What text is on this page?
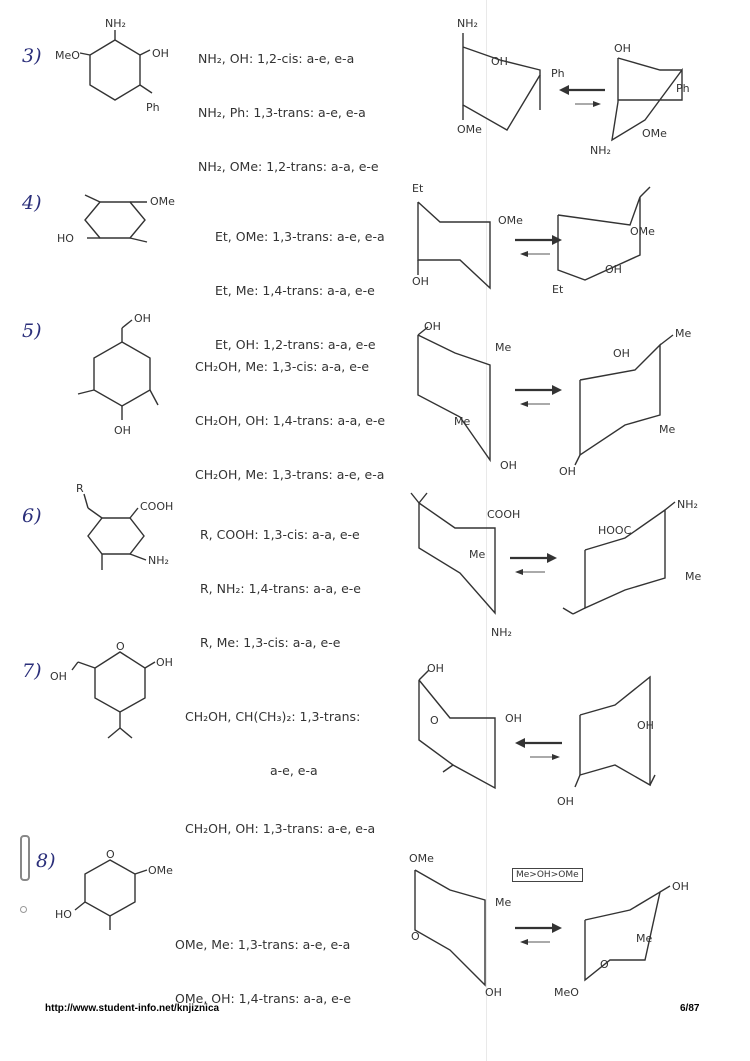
3)

	NH₂, OH: 1,2-cis: a-e, e-a

NH₂, Ph: 1,3-trans: a-e, e-a

NH₂, OMe: 1,2-trans: a-a, e-e

NH₂
OH
Ph
MeO
NH₂
OH
Ph
OMe
OH
Ph
OMe
NH₂
4)

Et, OMe: 1,3-trans: a-e, e-a

Et, Me: 1,4-trans: a-a, e-e

Et, OH: 1,2-trans: a-a, e-e

OMe
HO
Et
OMe
OH
OMe
OH
Et
5)

CH₂OH, Me: 1,3-cis: a-a, e-e

CH₂OH, OH: 1,4-trans: a-a, e-e

CH₂OH, Me: 1,3-trans: a-e, e-a

OH
OH
OH
Me
Me
OH
Me
OH
Me
OH
6)

R, COOH: 1,3-cis: a-a, e-e

R, NH₂: 1,4-trans: a-a, e-e

R, Me: 1,3-cis: a-a, e-e

R
COOH
NH₂
COOH
Me
NH₂
HOOC
NH₂
Me
7)

CH₂OH, CH(CH₃)₂: 1,3-trans:

a-e, e-a

CH₂OH, OH: 1,3-trans: a-e, e-a

O
OH
OH
OH
O	OH
OH
OH
8)

OMe, Me: 1,3-trans: a-e, e-a

OMe, OH: 1,4-trans: a-a, e-e

O
OMe
HO
OMe
O
Me
OH
Me>OH>OMe
OH
Me
O
MeO
http://www.student-info.net/knjiznica	6/87
